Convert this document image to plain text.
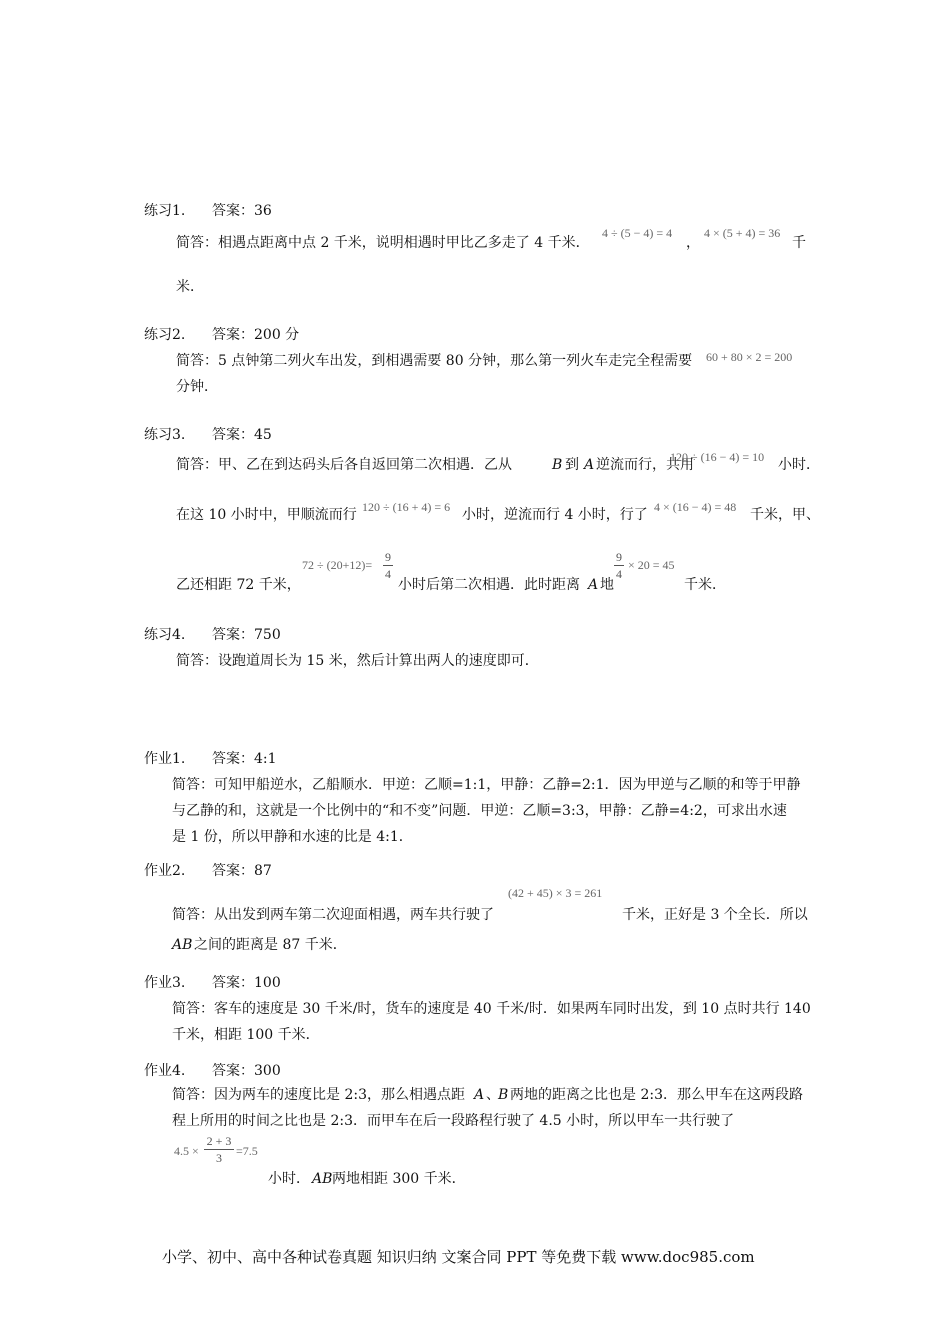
练习1. 答案：36
简答：相遇点距离中点 2 千米，说明相遇时甲比乙多走了 4 千米．
4 ÷ (5 − 4) = 4
，
4 × (5 + 4) = 36
千
米．
练习2. 答案：200 分
简答：5 点钟第二列火车出发，到相遇需要 80 分钟，那么第一列火车走完全程需要 60 + 80 × 2 = 200
分钟．
练习3. 答案：45
简答：甲、乙在到达码头后各自返回第二次相遇．乙从	B 到 A 逆流而行，共用
120 ÷ (16 − 4) = 10 小时．
在这 10 小时中，甲顺流而行 120 ÷ (16 + 4) = 6 小时，逆流而行 4 小时，行了 4 × (16 − 4) = 48 千米，甲、
乙还相距 72 千米，
72 ÷ (20+12)=
9
4
小时后第二次相遇．此时距离 A 地
9
4
× 20 = 45
千米．
练习4. 答案：750
简答：设跑道周长为 15 米，然后计算出两人的速度即可．
作业1. 答案：4:1
简答：可知甲船逆水，乙船顺水．甲逆：乙顺=1:1，甲静：乙静=2:1．因为甲逆与乙顺的和等于甲静
与乙静的和，这就是一个比例中的“和不变”问题．甲逆：乙顺=3:3，甲静：乙静=4:2，可求出水速
是 1 份，所以甲静和水速的比是 4:1．
作业2. 答案：87
(42 + 45) × 3 = 261
简答：从出发到两车第二次迎面相遇，两车共行驶了	千米，正好是 3 个全长．所以
AB 之间的距离是 87 千米．
作业3. 答案：100
简答：客车的速度是 30 千米/时，货车的速度是 40 千米/时．如果两车同时出发，到 10 点时共行 140
千米，相距 100 千米．
作业4. 答案：300
简答：因为两车的速度比是 2:3，那么相遇点距 A 、
B 两地的距离之比也是 2:3．那么甲车在这两段路
程上所用的时间之比也是 2:3．而甲车在后一段路程行驶了 4.5 小时，所以甲车一共行驶了
4.5 ×
2 + 3
3	=7.5
小时． AB 两地相距 300 千米．
小学、初中、高中各种试卷真题 知识归纳 文案合同 PPT 等免费下载 www.doc985.com
